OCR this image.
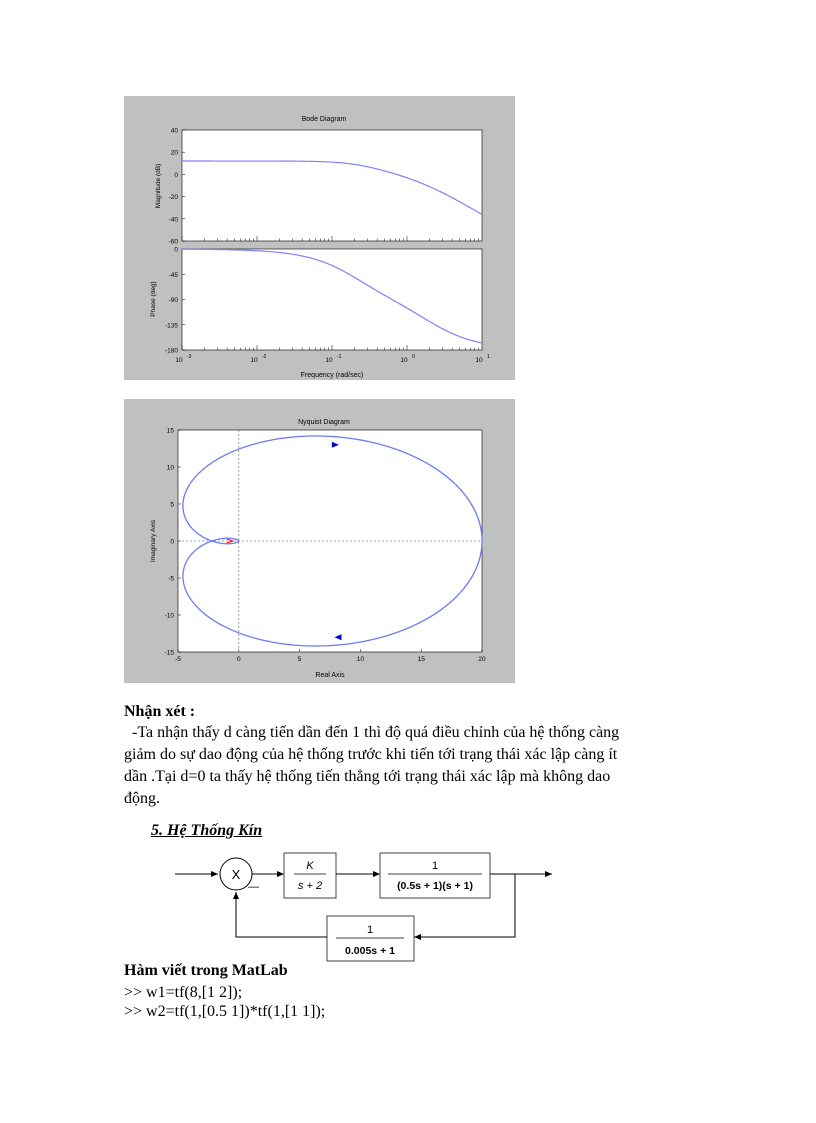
Bode Diagram
40
20
0
-20
-40
-60
Magnitude (dB)
0
-45
-90
-135
-180
Phase (deg)
10 -3	10 -2	10 -1	10 0	10 1
Frequency (rad/sec)
Nyquist Diagram
-5	0	5	10	15	20
15
10
5
0
-5
-10
-15
Imaginary Axis
Real Axis
Nhận xét :
-Ta nhận thấy d càng tiến dần đến 1 thì độ quá điều chỉnh của hệ thống càng
giảm do sự dao động của hệ thống trước khi tiến tới trạng thái xác lập càng ít
dần .Tại d=0 ta thấy hệ thống tiến thẳng tới trạng thái xác lập mà không dao
động.
5. Hệ Thống Kín
X
—
K
s + 2
1
(0.5s + 1)(s + 1)
1
0.005s + 1
Hàm viết trong MatLab
>> w1=tf(8,[1 2]);
>> w2=tf(1,[0.5 1])*tf(1,[1 1]);
